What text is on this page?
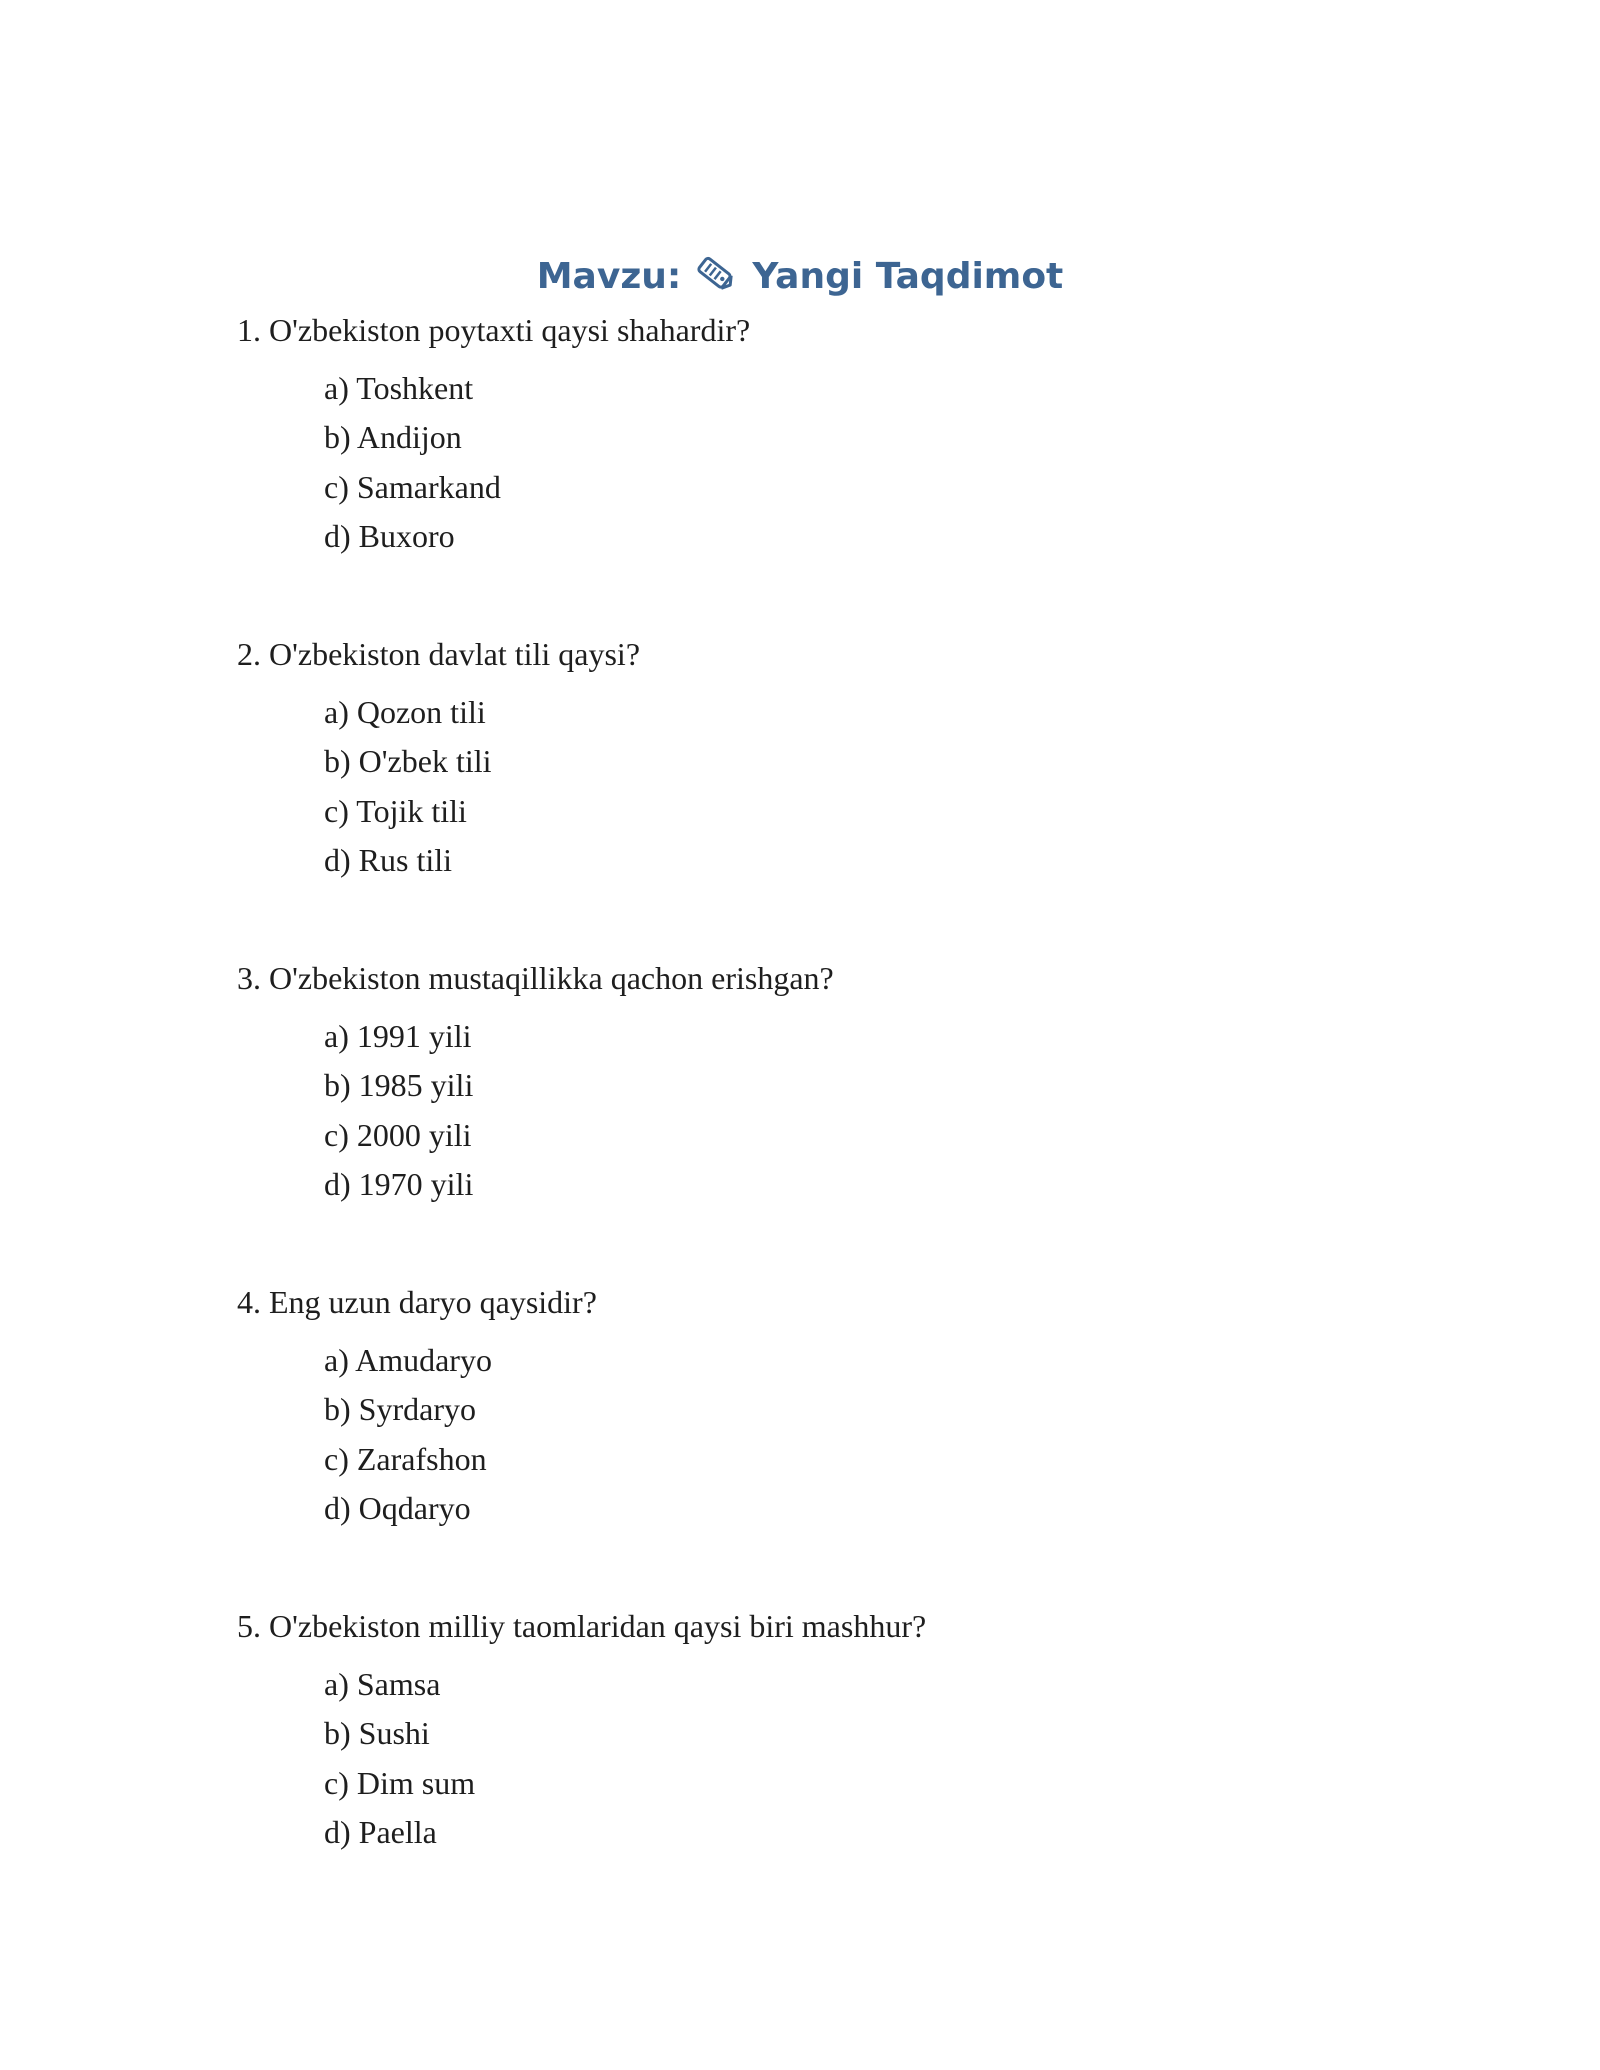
Mavzu: Yangi Taqdimot
1. O'zbekiston poytaxti qaysi shahardir?
a) Toshkent
b) Andijon
c) Samarkand
d) Buxoro
2. O'zbekiston davlat tili qaysi?
a) Qozon tili
b) O'zbek tili
c) Tojik tili
d) Rus tili
3. O'zbekiston mustaqillikka qachon erishgan?
a) 1991 yili
b) 1985 yili
c) 2000 yili
d) 1970 yili
4. Eng uzun daryo qaysidir?
a) Amudaryo
b) Syrdaryo
c) Zarafshon
d) Oqdaryo
5. O'zbekiston milliy taomlaridan qaysi biri mashhur?
a) Samsa
b) Sushi
c) Dim sum
d) Paella
